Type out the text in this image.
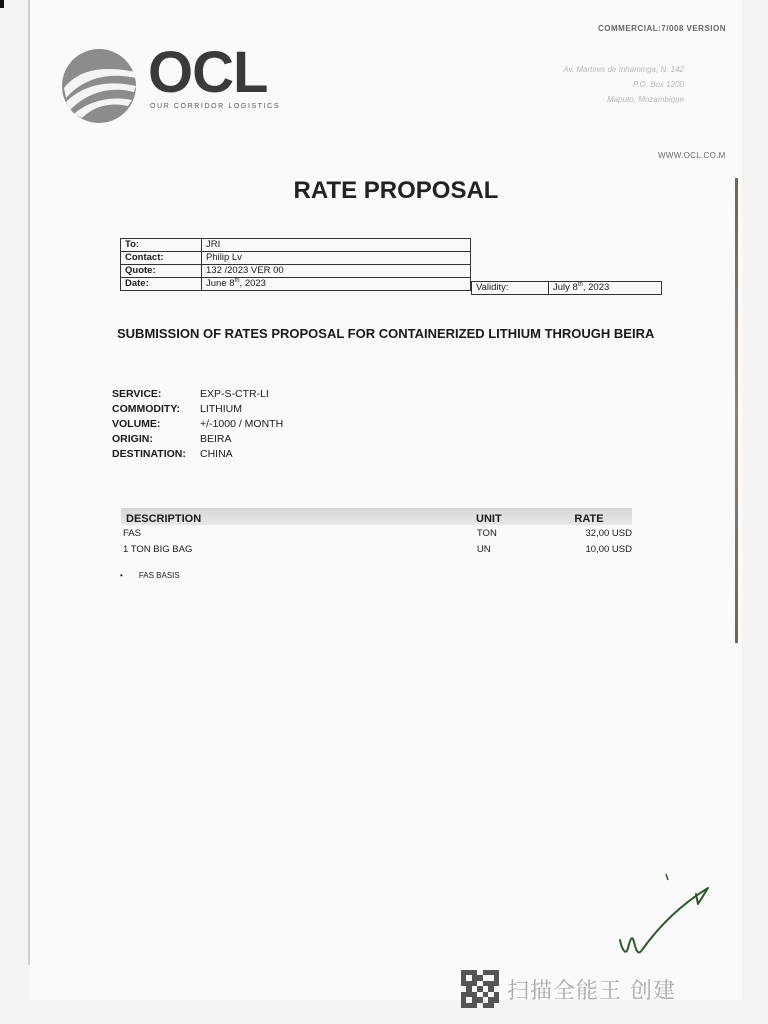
COMMERCIAL:7/008 VERSION
OCL
OUR CORRIDOR LOGISTICS
Av. Martires de Inhaminga, N. 142
P.O. Box 1200
Maputo, Mozambique
WWW.OCL.CO.M
RATE PROPOSAL
To:	JRI
Contact:	Philip Lv
Quote:	132 /2023 VER 00
Date:	June 8th, 2023	Validity:	July 8th, 2023
SUBMISSION OF RATES PROPOSAL FOR CONTAINERIZED LITHIUM THROUGH BEIRA
SERVICE:	EXP-S-CTR-LI
COMMODITY:	LITHIUM
VOLUME:	+/-1000 / MONTH
ORIGIN:	BEIRA
DESTINATION:	CHINA
DESCRIPTION	UNIT	RATE
FAS	TON	32,00 USD
1 TON BIG BAG	UN	10,00 USD
• FAS BASIS
扫描全能王 创建
